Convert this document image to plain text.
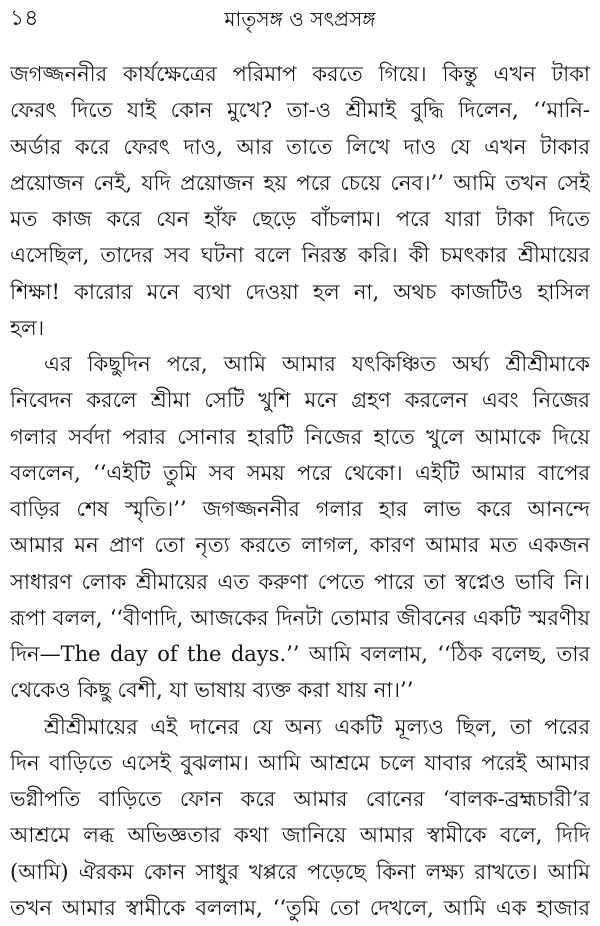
১৪	মাতৃসঙ্গ ও সৎপ্রসঙ্গ
জগজ্জননীর কার্যক্ষেত্রের পরিমাপ করতে গিয়ে। কিন্তু এখন টাকা
ফেরৎ দিতে যাই কোন মুখে? তা-ও শ্রীমাই বুদ্ধি দিলেন, ‘‘মানি-
অর্ডার করে ফেরৎ দাও, আর তাতে লিখে দাও যে এখন টাকার
প্রয়োজন নেই, যদি প্রয়োজন হয় পরে চেয়ে নেব।’’ আমি তখন সেই
মত কাজ করে যেন হাঁফ ছেড়ে বাঁচলাম। পরে যারা টাকা দিতে
এসেছিল, তাদের সব ঘটনা বলে নিরস্ত করি। কী চমৎকার শ্রীমায়ের
শিক্ষা! কারোর মনে ব্যথা দেওয়া হল না, অথচ কাজটিও হাসিল
হল।
এর কিছুদিন পরে, আমি আমার যৎকিঞ্চিত অর্ঘ্য শ্রীশ্রীমাকে
নিবেদন করলে শ্রীমা সেটি খুশি মনে গ্রহণ করলেন এবং নিজের
গলার সর্বদা পরার সোনার হারটি নিজের হাতে খুলে আমাকে দিয়ে
বললেন, ‘‘এইটি তুমি সব সময় পরে থেকো। এইটি আমার বাপের
বাড়ির শেষ স্মৃতি।’’ জগজ্জননীর গলার হার লাভ করে আনন্দে
আমার মন প্রাণ তো নৃত্য করতে লাগল, কারণ আমার মত একজন
সাধারণ লোক শ্রীমায়ের এত করুণা পেতে পারে তা স্বপ্নেও ভাবি নি।
রূপা বলল, ‘‘বীণাদি, আজকের দিনটা তোমার জীবনের একটি স্মরণীয়
দিন—The day of the days.’’ আমি বললাম, ‘‘ঠিক বলেছ, তার
থেকেও কিছু বেশী, যা ভাষায় ব্যক্ত করা যায় না।’’
শ্রীশ্রীমায়ের এই দানের যে অন্য একটি মূল্যও ছিল, তা পরের
দিন বাড়িতে এসেই বুঝলাম। আমি আশ্রমে চলে যাবার পরেই আমার
ভগ্নীপতি বাড়িতে ফোন করে আমার বোনের ‘বালক-ব্রহ্মচারী’র
আশ্রমে লব্ধ অভিজ্ঞতার কথা জানিয়ে আমার স্বামীকে বলে, দিদি
(আমি) ঐরকম কোন সাধুর খপ্পরে পড়েছে কিনা লক্ষ্য রাখতে। আমি
তখন আমার স্বামীকে বললাম, ‘‘তুমি তো দেখলে, আমি এক হাজার
